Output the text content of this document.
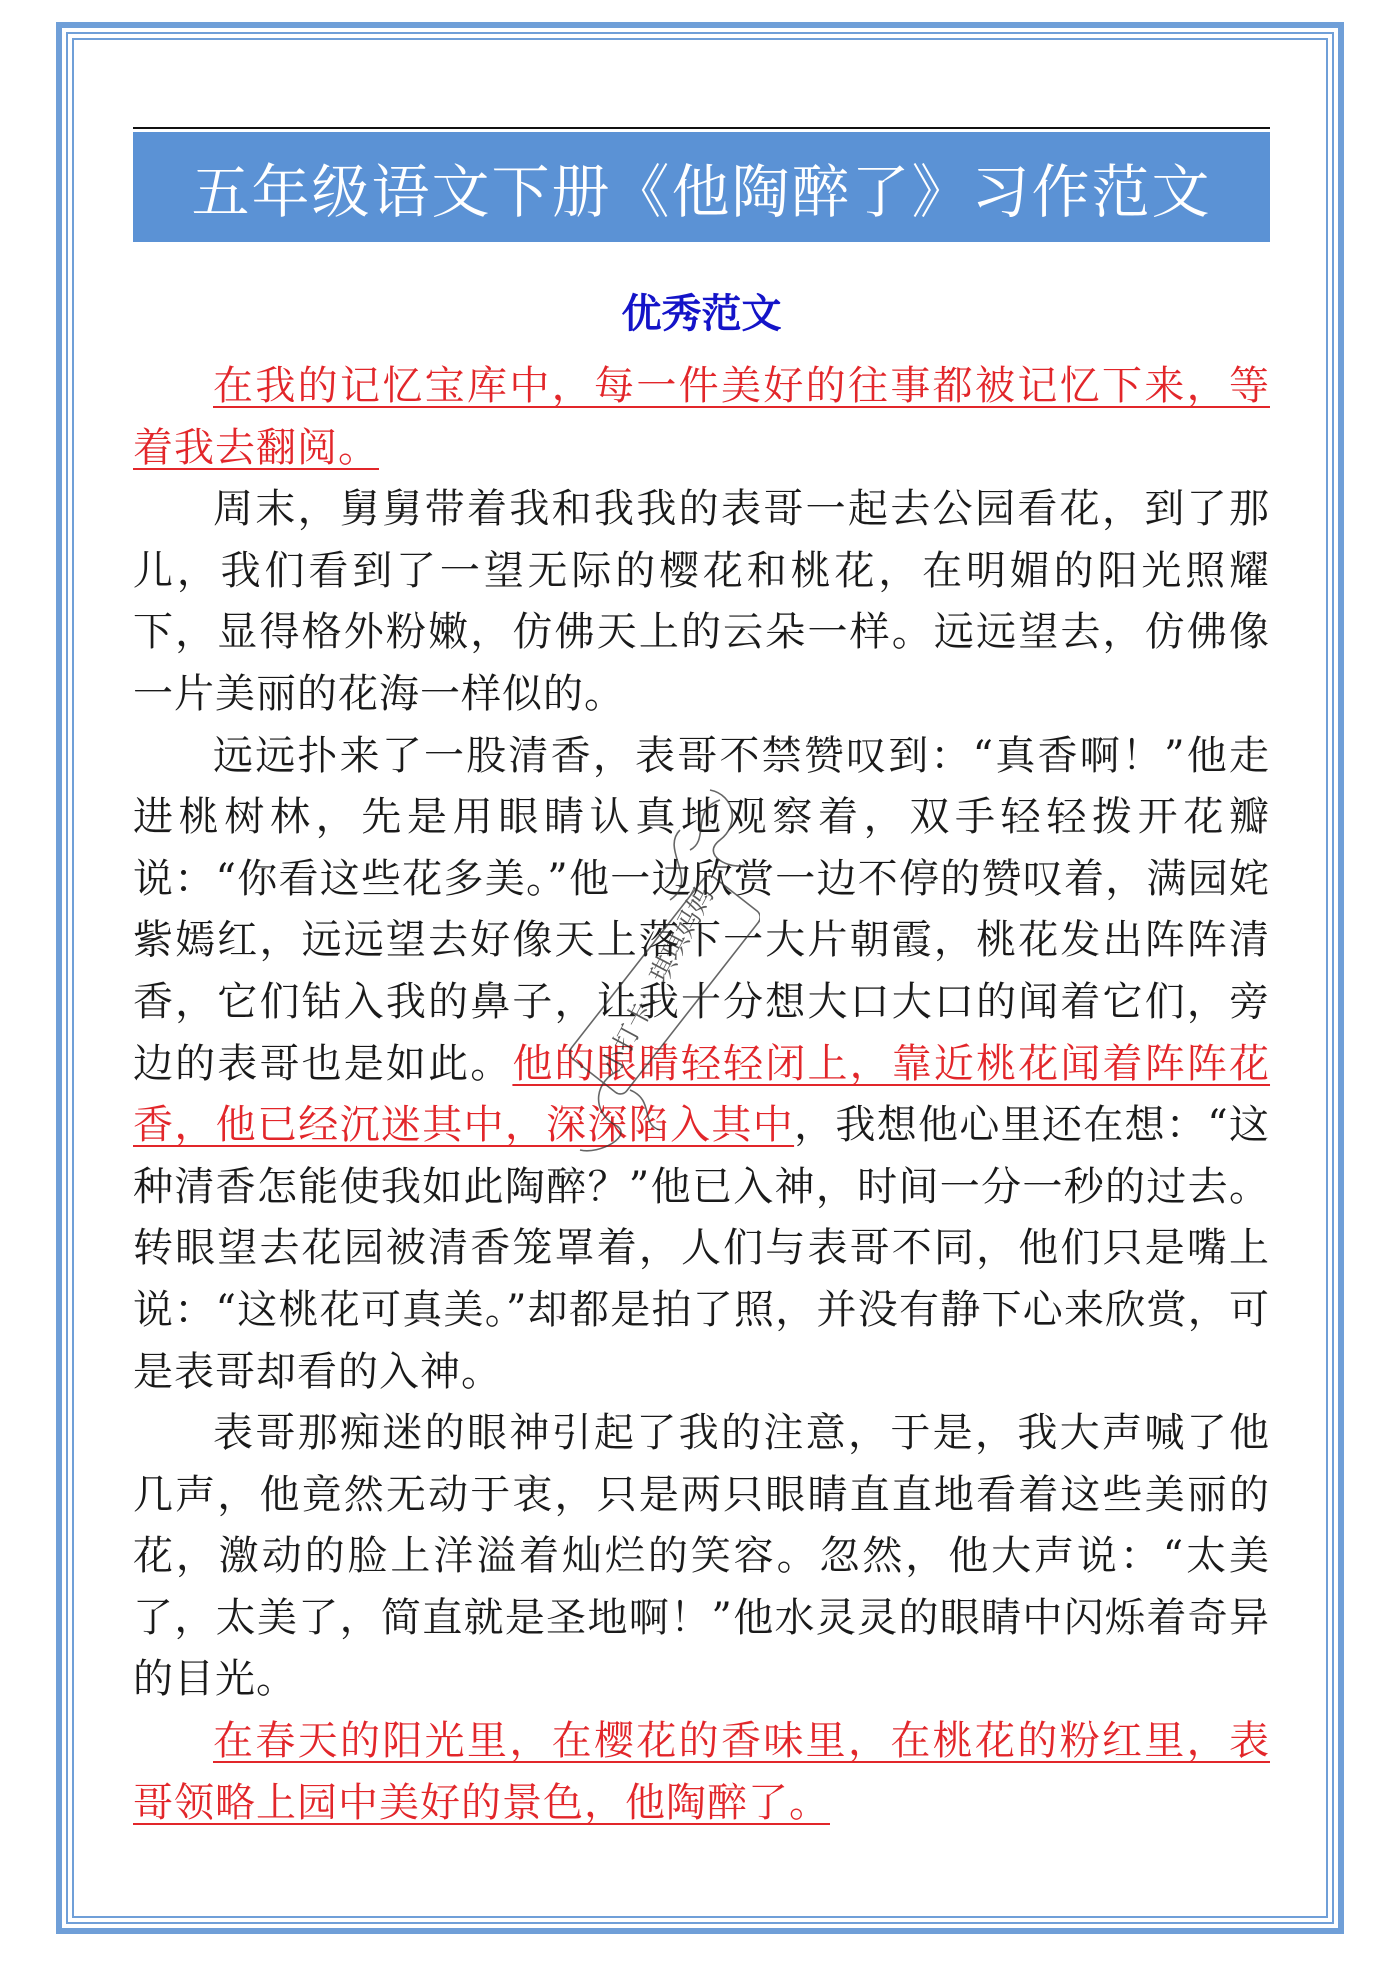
五年级语文下册《他陶醉了》习作范文
优秀范文

在我的记忆宝库中，每一件美好的往事都被记忆下来，等着我去翻阅。

周末，舅舅带着我和我我的表哥一起去公园看花，到了那儿，我们看到了一望无际的樱花和桃花，在明媚的阳光照耀下，显得格外粉嫩，仿佛天上的云朵一样。远远望去，仿佛像一片美丽的花海一样似的。

远远扑来了一股清香，表哥不禁赞叹到：“真香啊！”他走进桃树林，先是用眼睛认真地观察着，双手轻轻拨开花瓣说：“你看这些花多美。”他一边欣赏一边不停的赞叹着，满园姹紫嫣红，远远望去好像天上落下一大片朝霞，桃花发出阵阵清香，它们钻入我的鼻子，让我十分想大口大口的闻着它们，旁边的表哥也是如此。他的眼睛轻轻闭上，靠近桃花闻着阵阵花香，他已经沉迷其中，深深陷入其中，我想他心里还在想：“这种清香怎能使我如此陶醉？”他已入神，时间一分一秒的过去。转眼望去花园被清香笼罩着，人们与表哥不同，他们只是嘴上说：“这桃花可真美。”却都是拍了照，并没有静下心来欣赏，可是表哥却看的入神。

表哥那痴迷的眼神引起了我的注意，于是，我大声喊了他几声，他竟然无动于衷，只是两只眼睛直直地看着这些美丽的花，激动的脸上洋溢着灿烂的笑容。忽然，他大声说：“太美了，太美了，简直就是圣地啊！”他水灵灵的眼睛中闪烁着奇异的目光。

在春天的阳光里，在樱花的香味里，在桃花的粉红里，表哥领略上园中美好的景色，他陶醉了。

小打卡：琪琪妈妈
